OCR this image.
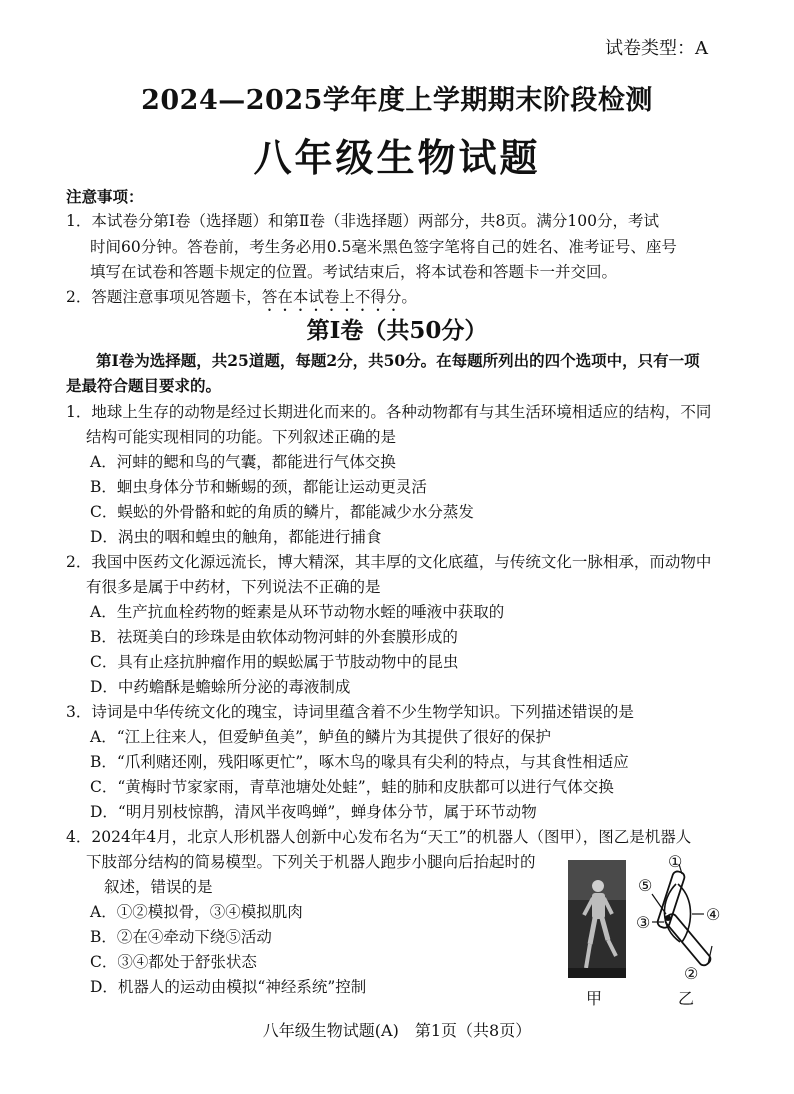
试卷类型：A
2024—2025学年度上学期期末阶段检测
八年级生物试题
注意事项：
1．本试卷分第Ⅰ卷（选择题）和第Ⅱ卷（非选择题）两部分，共8页。满分100分，考试
时间60分钟。答卷前，考生务必用0.5毫米黑色签字笔将自己的姓名、准考证号、座号
填写在试卷和答题卡规定的位置。考试结束后，将本试卷和答题卡一并交回。
2．答题注意事项见答题卡，答在本试卷上不得分。
第Ⅰ卷（共50分）
第Ⅰ卷为选择题，共25道题，每题2分，共50分。在每题所列出的四个选项中，只有一项
是最符合题目要求的。
1．地球上生存的动物是经过长期进化而来的。各种动物都有与其生活环境相适应的结构，不同
结构可能实现相同的功能。下列叙述正确的是
A．河蚌的鳃和鸟的气囊，都能进行气体交换
B．蛔虫身体分节和蜥蜴的颈，都能让运动更灵活
C．蜈蚣的外骨骼和蛇的角质的鳞片，都能减少水分蒸发
D．涡虫的咽和蝗虫的触角，都能进行捕食
2．我国中医药文化源远流长，博大精深，其丰厚的文化底蕴，与传统文化一脉相承，而动物中
有很多是属于中药材，下列说法不正确的是
A．生产抗血栓药物的蛭素是从环节动物水蛭的唾液中获取的
B．祛斑美白的珍珠是由软体动物河蚌的外套膜形成的
C．具有止痉抗肿瘤作用的蜈蚣属于节肢动物中的昆虫
D．中药蟾酥是蟾蜍所分泌的毒液制成
3．诗词是中华传统文化的瑰宝，诗词里蕴含着不少生物学知识。下列描述错误的是
A．“江上往来人，但爱鲈鱼美”，鲈鱼的鳞片为其提供了很好的保护
B．“爪利赌还刚，残阳啄更忙”，啄木鸟的喙具有尖利的特点，与其食性相适应
C．“黄梅时节家家雨，青草池塘处处蛙”，蛙的肺和皮肤都可以进行气体交换
D．“明月别枝惊鹊，清风半夜鸣蝉”，蝉身体分节，属于环节动物
4．2024年4月，北京人形机器人创新中心发布名为“天工”的机器人（图甲），图乙是机器人
下肢部分结构的简易模型。下列关于机器人跑步小腿向后抬起时的
叙述，错误的是
A．①②模拟骨，③④模拟肌肉
B．②在④牵动下绕⑤活动
C．③④都处于舒张状态
D．机器人的运动由模拟“神经系统”控制
甲
①
⑤
③	④
②
乙
八年级生物试题(A)　第1页（共8页）
